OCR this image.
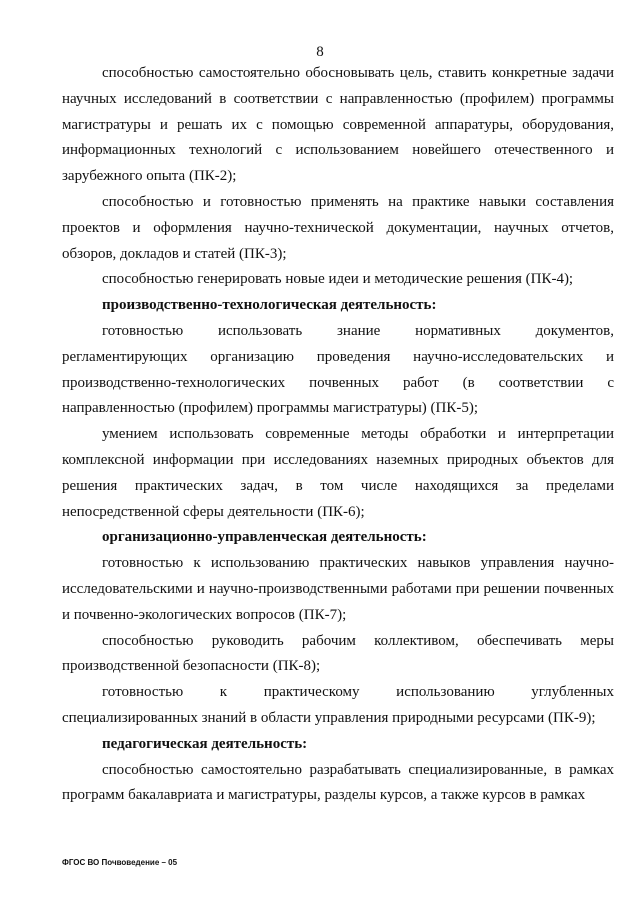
8

способностью самостоятельно обосновывать цель, ставить конкретные задачи научных исследований в соответствии с направленностью (профилем) программы магистратуры и решать их с помощью современной аппаратуры, оборудования, информационных технологий с использованием новейшего отечественного и зарубежного опыта (ПК-2);

способностью и готовностью применять на практике навыки составления проектов и оформления научно-технической документации, научных отчетов, обзоров, докладов и статей (ПК-3);

способностью генерировать новые идеи и методические решения (ПК-4);

производственно-технологическая деятельность:

готовностью использовать знание нормативных документов, регламентирующих организацию проведения научно-исследовательских и производственно-технологических почвенных работ (в соответствии с направленностью (профилем) программы магистратуры) (ПК-5);

умением использовать современные методы обработки и интерпретации комплексной информации при исследованиях наземных природных объектов для решения практических задач, в том числе находящихся за пределами непосредственной сферы деятельности (ПК-6);

организационно-управленческая деятельность:

готовностью к использованию практических навыков управления научно-исследовательскими и научно-производственными работами при решении почвенных и почвенно-экологических вопросов (ПК-7);

способностью руководить рабочим коллективом, обеспечивать меры производственной безопасности (ПК-8);

готовностью к практическому использованию углубленных специализированных знаний в области управления природными ресурсами (ПК-9);

педагогическая деятельность:

способностью самостоятельно разрабатывать специализированные, в рамках программ бакалавриата и магистратуры, разделы курсов, а также курсов в рамках

ФГОС ВО Почвоведение – 05
